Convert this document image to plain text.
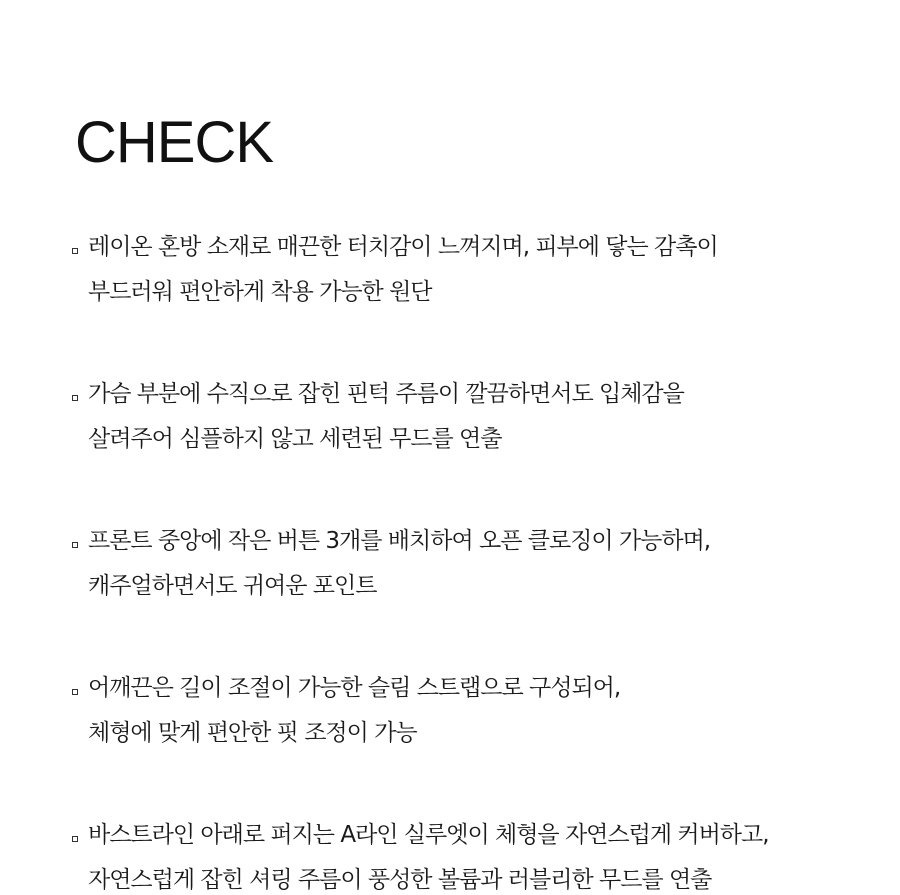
CHECK
레이온 혼방 소재로 매끈한 터치감이 느껴지며, 피부에 닿는 감촉이
부드러워 편안하게 착용 가능한 원단
가슴 부분에 수직으로 잡힌 핀턱 주름이 깔끔하면서도 입체감을
살려주어 심플하지 않고 세련된 무드를 연출
프론트 중앙에 작은 버튼 3개를 배치하여 오픈 클로징이 가능하며,
캐주얼하면서도 귀여운 포인트
어깨끈은 길이 조절이 가능한 슬림 스트랩으로 구성되어,
체형에 맞게 편안한 핏 조정이 가능
바스트라인 아래로 퍼지는 A라인 실루엣이 체형을 자연스럽게 커버하고,
자연스럽게 잡힌 셔링 주름이 풍성한 볼륨과 러블리한 무드를 연출
